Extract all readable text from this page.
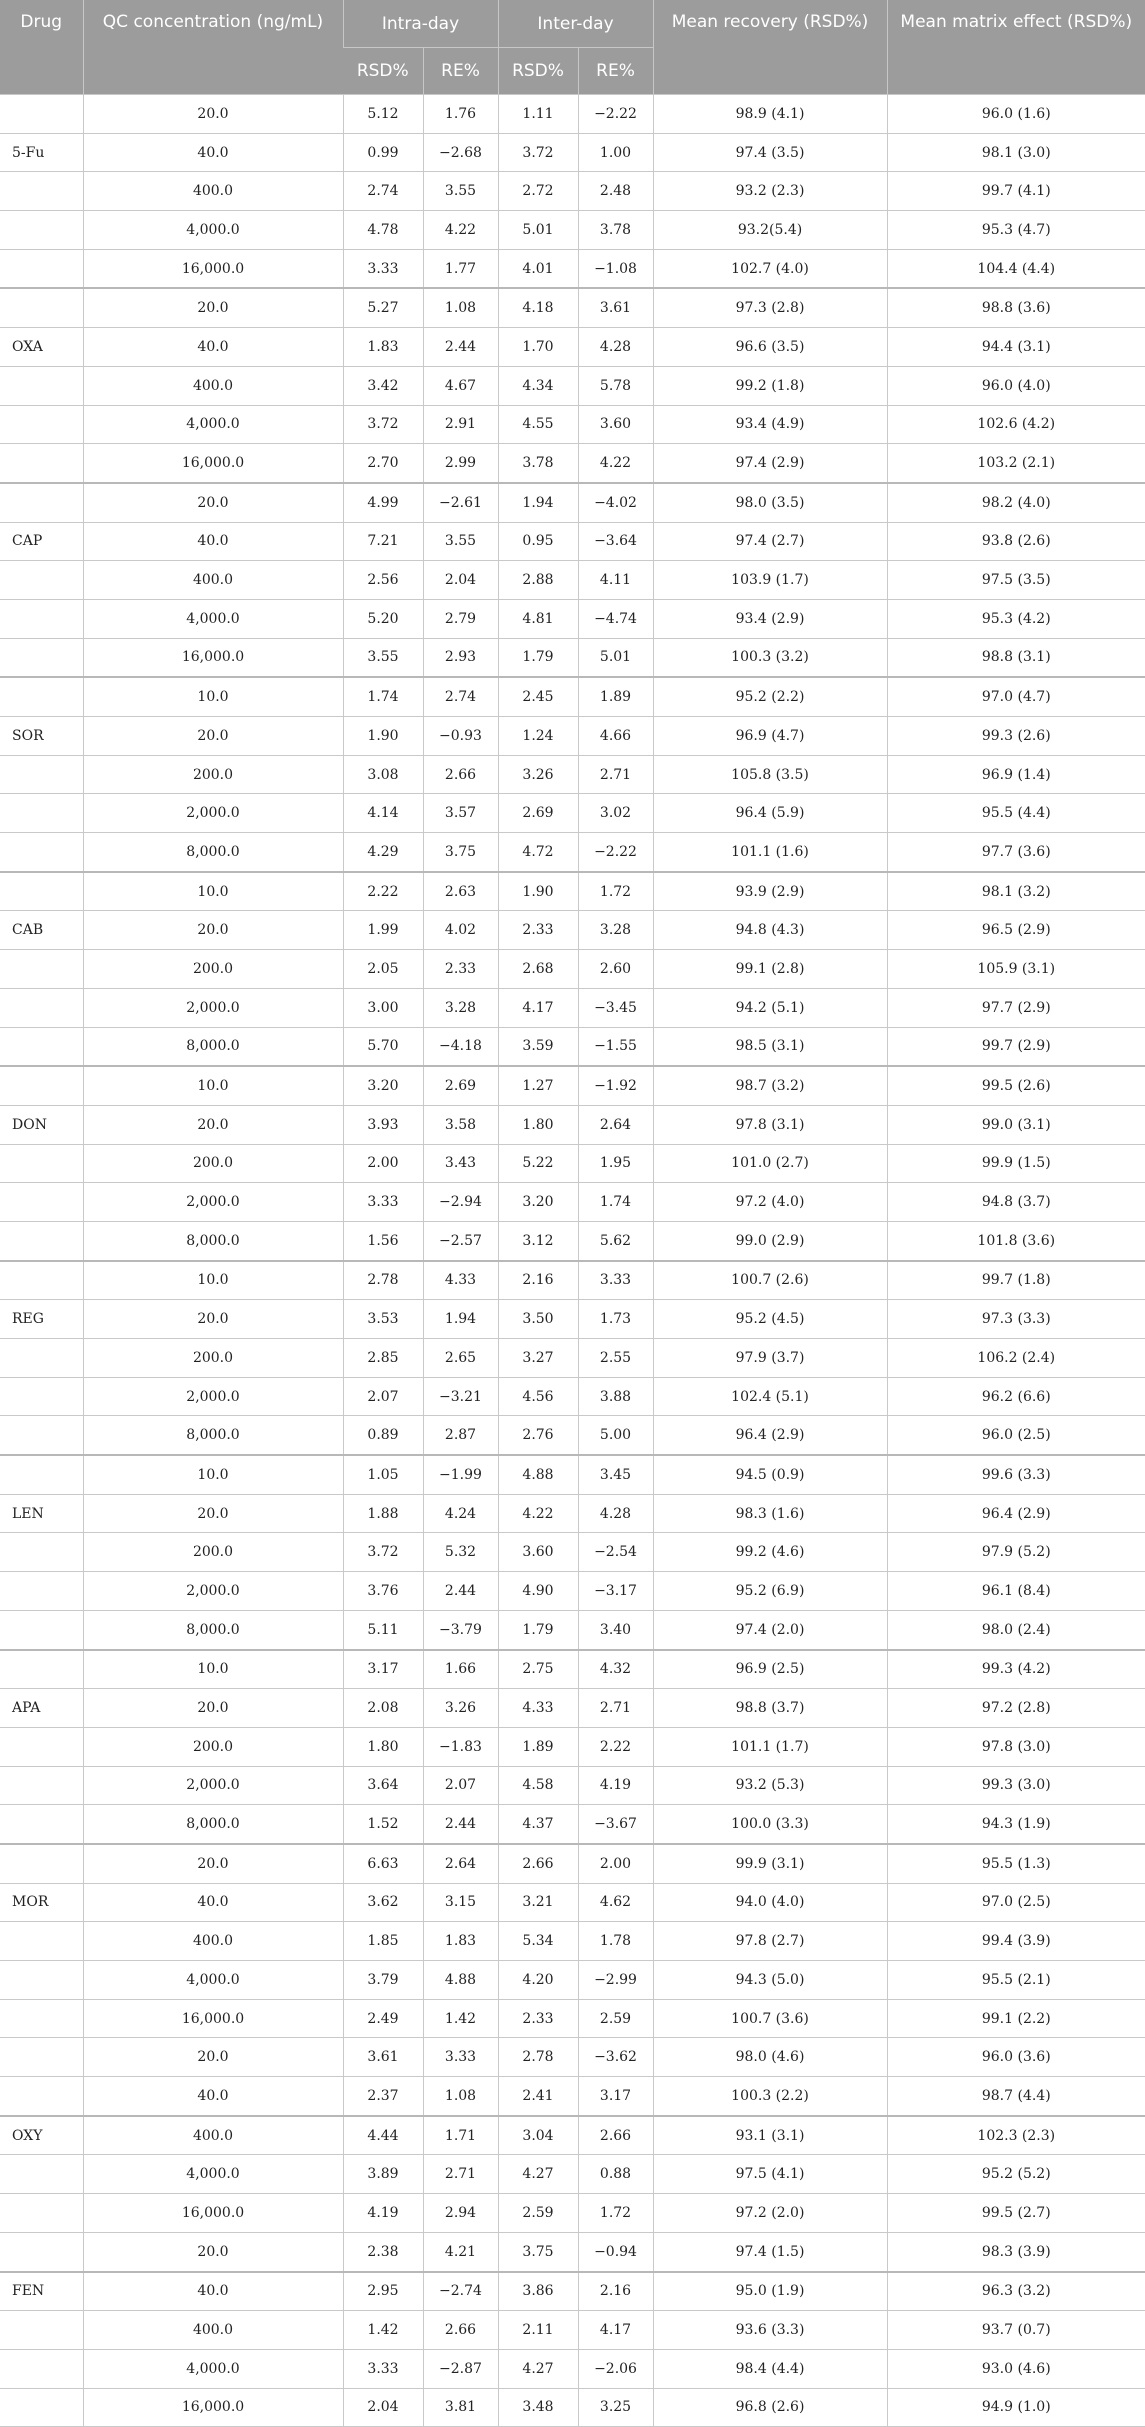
Drug	QC concentration (ng/mL)	Intra-day		Inter-day		Mean recovery (RSD%)	Mean matrix effect (RSD%)
		RSD%	RE%	RSD%	RE%		
	20.0	5.12	1.76	1.11	−2.22	98.9 (4.1)	96.0 (1.6)
5-Fu	40.0	0.99	−2.68	3.72	1.00	97.4 (3.5)	98.1 (3.0)
	400.0	2.74	3.55	2.72	2.48	93.2 (2.3)	99.7 (4.1)
	4,000.0	4.78	4.22	5.01	3.78	93.2(5.4)	95.3 (4.7)
	16,000.0	3.33	1.77	4.01	−1.08	102.7 (4.0)	104.4 (4.4)
	20.0	5.27	1.08	4.18	3.61	97.3 (2.8)	98.8 (3.6)
OXA	40.0	1.83	2.44	1.70	4.28	96.6 (3.5)	94.4 (3.1)
	400.0	3.42	4.67	4.34	5.78	99.2 (1.8)	96.0 (4.0)
	4,000.0	3.72	2.91	4.55	3.60	93.4 (4.9)	102.6 (4.2)
	16,000.0	2.70	2.99	3.78	4.22	97.4 (2.9)	103.2 (2.1)
	20.0	4.99	−2.61	1.94	−4.02	98.0 (3.5)	98.2 (4.0)
CAP	40.0	7.21	3.55	0.95	−3.64	97.4 (2.7)	93.8 (2.6)
	400.0	2.56	2.04	2.88	4.11	103.9 (1.7)	97.5 (3.5)
	4,000.0	5.20	2.79	4.81	−4.74	93.4 (2.9)	95.3 (4.2)
	16,000.0	3.55	2.93	1.79	5.01	100.3 (3.2)	98.8 (3.1)
	10.0	1.74	2.74	2.45	1.89	95.2 (2.2)	97.0 (4.7)
SOR	20.0	1.90	−0.93	1.24	4.66	96.9 (4.7)	99.3 (2.6)
	200.0	3.08	2.66	3.26	2.71	105.8 (3.5)	96.9 (1.4)
	2,000.0	4.14	3.57	2.69	3.02	96.4 (5.9)	95.5 (4.4)
	8,000.0	4.29	3.75	4.72	−2.22	101.1 (1.6)	97.7 (3.6)
	10.0	2.22	2.63	1.90	1.72	93.9 (2.9)	98.1 (3.2)
CAB	20.0	1.99	4.02	2.33	3.28	94.8 (4.3)	96.5 (2.9)
	200.0	2.05	2.33	2.68	2.60	99.1 (2.8)	105.9 (3.1)
	2,000.0	3.00	3.28	4.17	−3.45	94.2 (5.1)	97.7 (2.9)
	8,000.0	5.70	−4.18	3.59	−1.55	98.5 (3.1)	99.7 (2.9)
	10.0	3.20	2.69	1.27	−1.92	98.7 (3.2)	99.5 (2.6)
DON	20.0	3.93	3.58	1.80	2.64	97.8 (3.1)	99.0 (3.1)
	200.0	2.00	3.43	5.22	1.95	101.0 (2.7)	99.9 (1.5)
	2,000.0	3.33	−2.94	3.20	1.74	97.2 (4.0)	94.8 (3.7)
	8,000.0	1.56	−2.57	3.12	5.62	99.0 (2.9)	101.8 (3.6)
	10.0	2.78	4.33	2.16	3.33	100.7 (2.6)	99.7 (1.8)
REG	20.0	3.53	1.94	3.50	1.73	95.2 (4.5)	97.3 (3.3)
	200.0	2.85	2.65	3.27	2.55	97.9 (3.7)	106.2 (2.4)
	2,000.0	2.07	−3.21	4.56	3.88	102.4 (5.1)	96.2 (6.6)
	8,000.0	0.89	2.87	2.76	5.00	96.4 (2.9)	96.0 (2.5)
	10.0	1.05	−1.99	4.88	3.45	94.5 (0.9)	99.6 (3.3)
LEN	20.0	1.88	4.24	4.22	4.28	98.3 (1.6)	96.4 (2.9)
	200.0	3.72	5.32	3.60	−2.54	99.2 (4.6)	97.9 (5.2)
	2,000.0	3.76	2.44	4.90	−3.17	95.2 (6.9)	96.1 (8.4)
	8,000.0	5.11	−3.79	1.79	3.40	97.4 (2.0)	98.0 (2.4)
	10.0	3.17	1.66	2.75	4.32	96.9 (2.5)	99.3 (4.2)
APA	20.0	2.08	3.26	4.33	2.71	98.8 (3.7)	97.2 (2.8)
	200.0	1.80	−1.83	1.89	2.22	101.1 (1.7)	97.8 (3.0)
	2,000.0	3.64	2.07	4.58	4.19	93.2 (5.3)	99.3 (3.0)
	8,000.0	1.52	2.44	4.37	−3.67	100.0 (3.3)	94.3 (1.9)
	20.0	6.63	2.64	2.66	2.00	99.9 (3.1)	95.5 (1.3)
MOR	40.0	3.62	3.15	3.21	4.62	94.0 (4.0)	97.0 (2.5)
	400.0	1.85	1.83	5.34	1.78	97.8 (2.7)	99.4 (3.9)
	4,000.0	3.79	4.88	4.20	−2.99	94.3 (5.0)	95.5 (2.1)
	16,000.0	2.49	1.42	2.33	2.59	100.7 (3.6)	99.1 (2.2)
	20.0	3.61	3.33	2.78	−3.62	98.0 (4.6)	96.0 (3.6)
	40.0	2.37	1.08	2.41	3.17	100.3 (2.2)	98.7 (4.4)
OXY	400.0	4.44	1.71	3.04	2.66	93.1 (3.1)	102.3 (2.3)
	4,000.0	3.89	2.71	4.27	0.88	97.5 (4.1)	95.2 (5.2)
	16,000.0	4.19	2.94	2.59	1.72	97.2 (2.0)	99.5 (2.7)
	20.0	2.38	4.21	3.75	−0.94	97.4 (1.5)	98.3 (3.9)
FEN	40.0	2.95	−2.74	3.86	2.16	95.0 (1.9)	96.3 (3.2)
	400.0	1.42	2.66	2.11	4.17	93.6 (3.3)	93.7 (0.7)
	4,000.0	3.33	−2.87	4.27	−2.06	98.4 (4.4)	93.0 (4.6)
	16,000.0	2.04	3.81	3.48	3.25	96.8 (2.6)	94.9 (1.0)
